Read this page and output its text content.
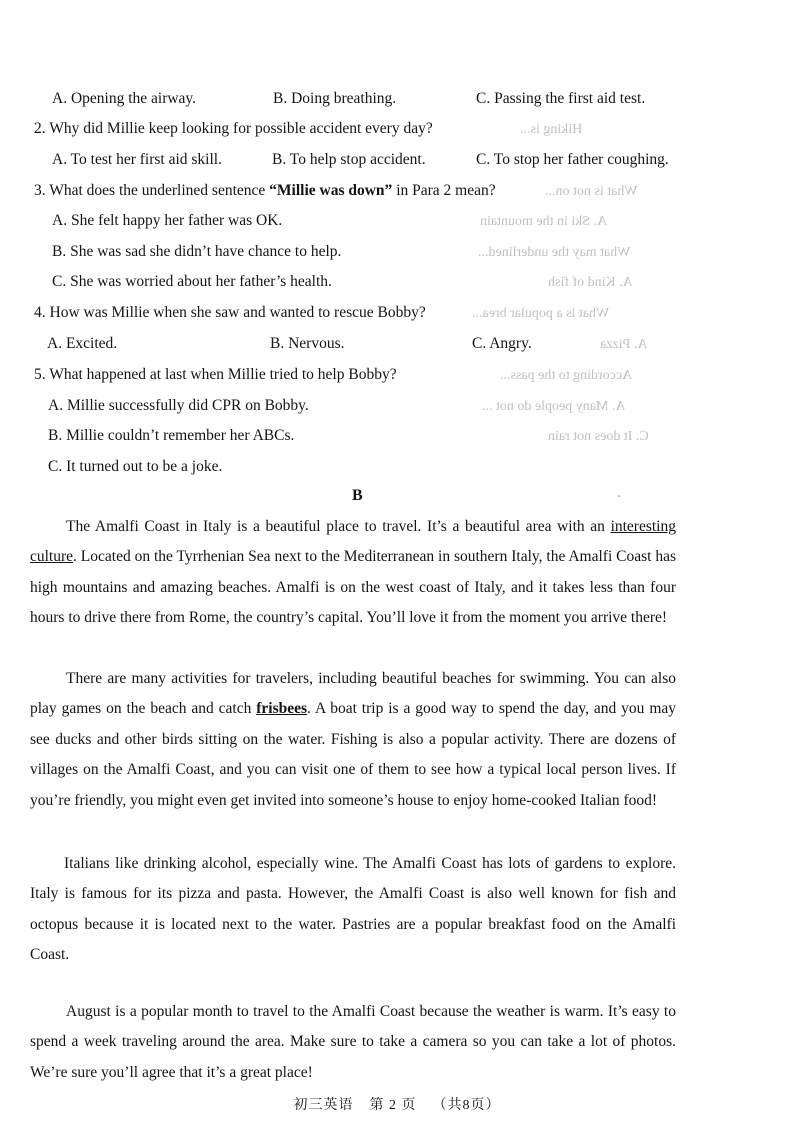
A. Opening the airway.	B. Doing breathing.	C. Passing the first aid test.
2. Why did Millie keep looking for possible accident every day?	Hiking is...
A. To test her first aid skill.	B. To help stop accident.	C. To stop her father coughing.
3. What does the underlined sentence “Millie was down” in Para 2 mean?	What is not on...
A. She felt happy her father was OK.	A. Ski in the mountain
B. She was sad she didn’t have chance to help.	What may the underlined...
C. She was worried about her father’s health.	A. Kind of fish
4. How was Millie when she saw and wanted to rescue Bobby?	What is a popular brea...
A. Excited.	B. Nervous.	C. Angry.	A. Pizza
5. What happened at last when Millie tried to help Bobby?	According to the pass...
A. Millie successfully did CPR on Bobby.	A. Many people do not ...
B. Millie couldn’t remember her ABCs.	C. It does not rain
C. It turned out to be a joke.
B	-
The Amalfi Coast in Italy is a beautiful place to travel. It’s a beautiful area with an interesting culture. Located on the Tyrrhenian Sea next to the Mediterranean in southern Italy, the Amalfi Coast has high mountains and amazing beaches. Amalfi is on the west coast of Italy, and it takes less than four hours to drive there from Rome, the country’s capital. You’ll love it from the moment you arrive there!
There are many activities for travelers, including beautiful beaches for swimming. You can also play games on the beach and catch frisbees. A boat trip is a good way to spend the day, and you may see ducks and other birds sitting on the water. Fishing is also a popular activity. There are dozens of villages on the Amalfi Coast, and you can visit one of them to see how a typical local person lives. If you’re friendly, you might even get invited into someone’s house to enjoy home-cooked Italian food!
Italians like drinking alcohol, especially wine. The Amalfi Coast has lots of gardens to explore. Italy is famous for its pizza and pasta. However, the Amalfi Coast is also well known for fish and octopus because it is located next to the water. Pastries are a popular breakfast food on the Amalfi Coast.
August is a popular month to travel to the Amalfi Coast because the weather is warm. It’s easy to spend a week traveling around the area. Make sure to take a camera so you can take a lot of photos. We’re sure you’ll agree that it’s a great place!
初三英语 第 2 页 （共8页）
